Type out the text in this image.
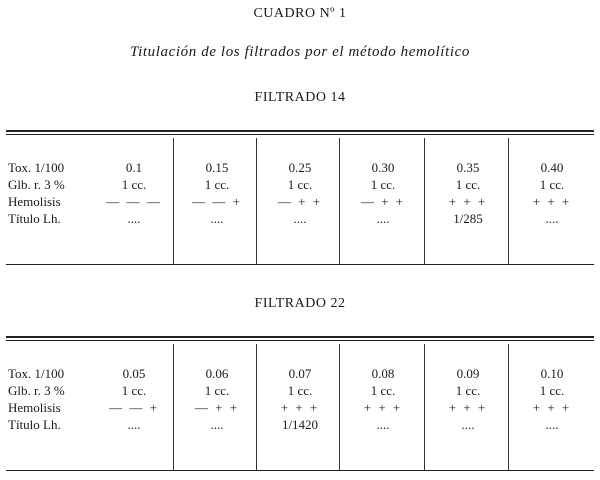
CUADRO Nº 1
Titulación de los filtrados por el método hemolítico
FILTRADO 14
FILTRADO 22
Tox. 1/100
Glb. r. 3 %
Hemolisis
Título Lh.
0.1
1 cc.
— — —
....
0.15
1 cc.
— — +
....
0.25
1 cc.
— + +
....
0.30
1 cc.
— + +
....
0.35
1 cc.
+ + +
1/285
0.40
1 cc.
+ + +
....
Tox. 1/100
Glb. r. 3 %
Hemolisis
Título Lh.
0.05
1 cc.
— — +
....
0.06
1 cc.
— + +
....
0.07
1 cc.
+ + +
1/1420
0.08
1 cc.
+ + +
....
0.09
1 cc.
+ + +
....
0.10
1 cc.
+ + +
....
